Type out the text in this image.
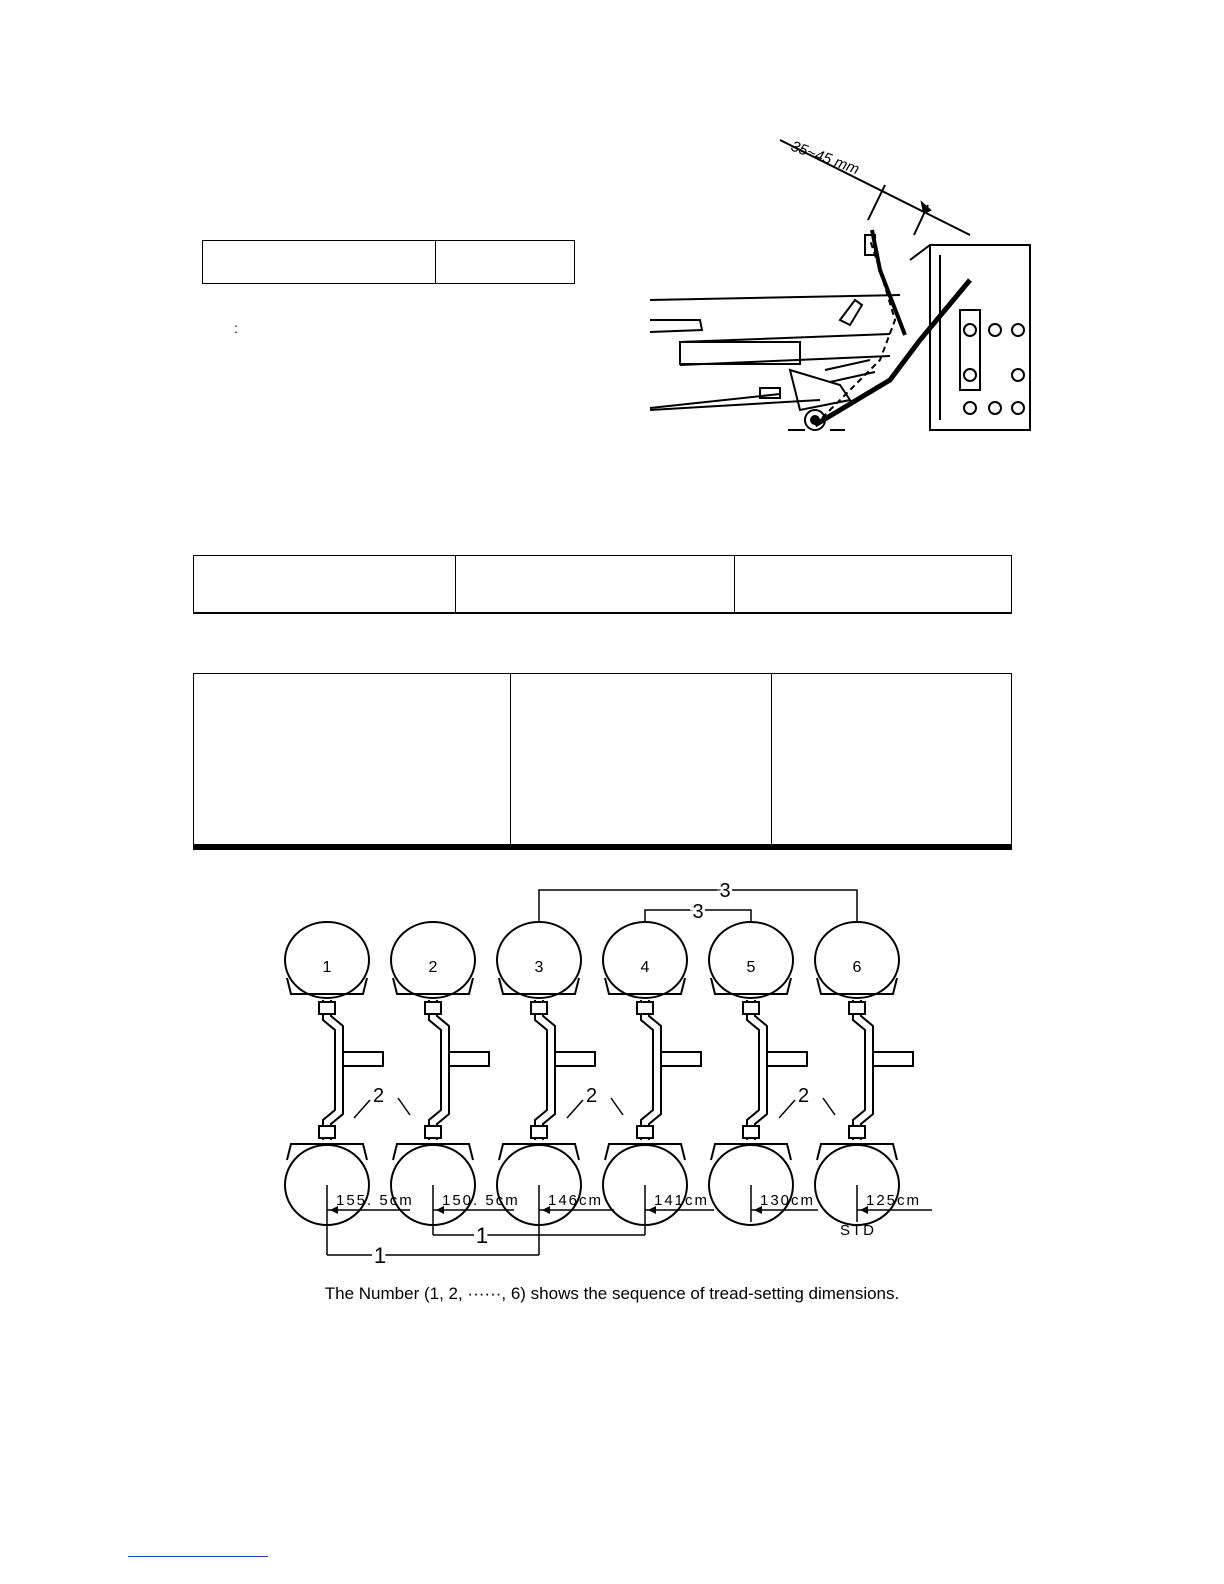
:
35~45 mm

1	2	3	4	5	6
3
3
2	2	2
155. 5cm 150. 5cm 146cm	141cm	130cm	125cm
STD
1
1
The Number (1, 2, ······, 6) shows the sequence of tread-setting dimensions.
